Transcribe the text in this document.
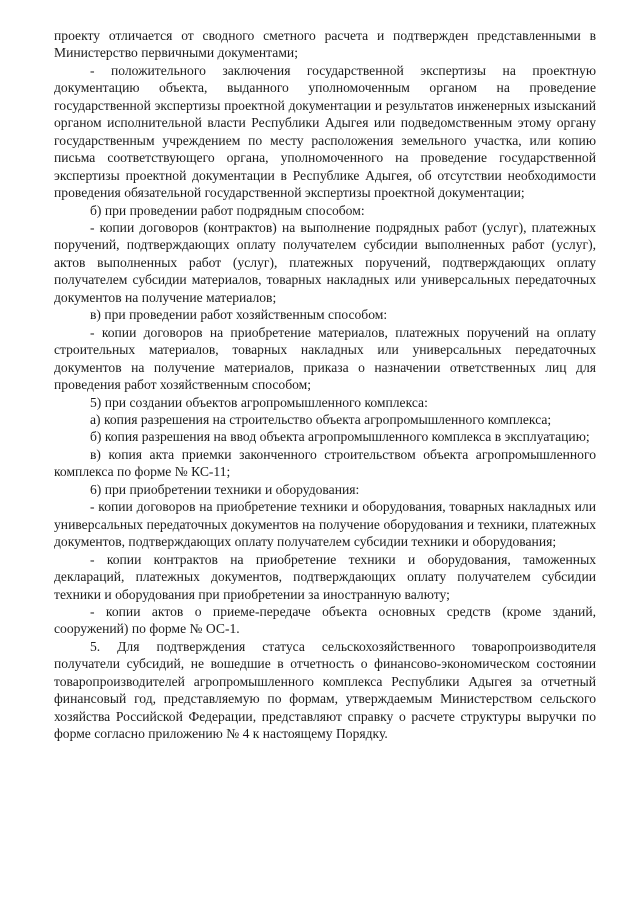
проекту отличается от сводного сметного расчета и подтвержден представленными в Министерство первичными документами;

- положительного заключения государственной экспертизы на проектную документацию объекта, выданного уполномоченным органом на проведение государственной экспертизы проектной документации и результатов инженерных изысканий органом исполнительной власти Республики Адыгея или подведомственным этому органу государственным учреждением по месту расположения земельного участка, или копию письма соответствующего органа, уполномоченного на проведение государственной экспертизы проектной документации в Республике Адыгея, об отсутствии необходимости проведения обязательной государственной экспертизы проектной документации;

б) при проведении работ подрядным способом:

- копии договоров (контрактов) на выполнение подрядных работ (услуг), платежных поручений, подтверждающих оплату получателем субсидии выполненных работ (услуг), актов выполненных работ (услуг), платежных поручений, подтверждающих оплату получателем субсидии материалов, товарных накладных или универсальных передаточных документов на получение материалов;

в) при проведении работ хозяйственным способом:

- копии договоров на приобретение материалов, платежных поручений на оплату строительных материалов, товарных накладных или универсальных передаточных документов на получение материалов, приказа о назначении ответственных лиц для проведения работ хозяйственным способом;

5) при создании объектов агропромышленного комплекса:

а) копия разрешения на строительство объекта агропромышленного комплекса;

б) копия разрешения на ввод объекта агропромышленного комплекса в эксплуатацию;

в) копия акта приемки законченного строительством объекта агропромышленного комплекса по форме № КС-11;

6) при приобретении техники и оборудования:

- копии договоров на приобретение техники и оборудования, товарных накладных или универсальных передаточных документов на получение оборудования и техники, платежных документов, подтверждающих оплату получателем субсидии техники и оборудования;

- копии контрактов на приобретение техники и оборудования, таможенных деклараций, платежных документов, подтверждающих оплату получателем субсидии техники и оборудования при приобретении за иностранную валюту;

- копии актов о приеме-передаче объекта основных средств (кроме зданий, сооружений) по форме № ОС-1.

5. Для подтверждения статуса сельскохозяйственного товаропроизводителя получатели субсидий, не вошедшие в отчетность о финансово-экономическом состоянии товаропроизводителей агропромышленного комплекса Республики Адыгея за отчетный финансовый год, представляемую по формам, утверждаемым Министерством сельского хозяйства Российской Федерации, представляют справку о расчете структуры выручки по форме согласно приложению № 4 к настоящему Порядку.
